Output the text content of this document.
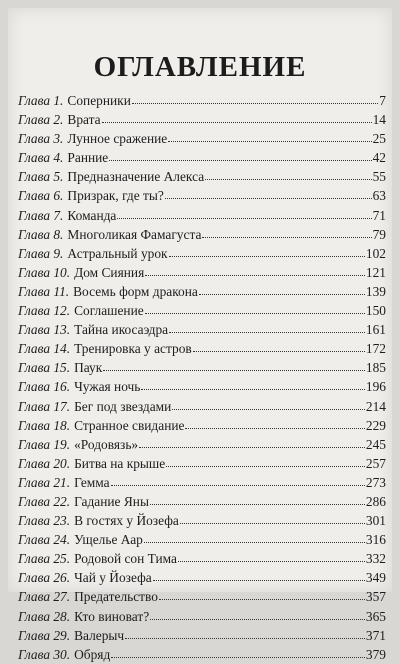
ОГЛАВЛЕНИЕ
Глава 1. Соперники	7
Глава 2. Врата	14
Глава 3. Лунное сражение	25
Глава 4. Ранние	42
Глава 5. Предназначение Алекса	55
Глава 6. Призрак, где ты?	63
Глава 7. Команда	71
Глава 8. Многоликая Фамагуста	79
Глава 9. Астральный урок	102
Глава 10. Дом Сияния	121
Глава 11. Восемь форм дракона	139
Глава 12. Соглашение	150
Глава 13. Тайна икосаэдра	161
Глава 14. Тренировка у астров	172
Глава 15. Паук	185
Глава 16. Чужая ночь	196
Глава 17. Бег под звездами	214
Глава 18. Странное свидание	229
Глава 19. «Родовязь»	245
Глава 20. Битва на крыше	257
Глава 21. Гемма	273
Глава 22. Гадание Яны	286
Глава 23. В гостях у Йозефа	301
Глава 24. Ущелье Аар	316
Глава 25. Родовой сон Тима	332
Глава 26. Чай у Йозефа	349
Глава 27. Предательство	357
Глава 28. Кто виноват?	365
Глава 29. Валерыч	371
Глава 30. Обряд	379
